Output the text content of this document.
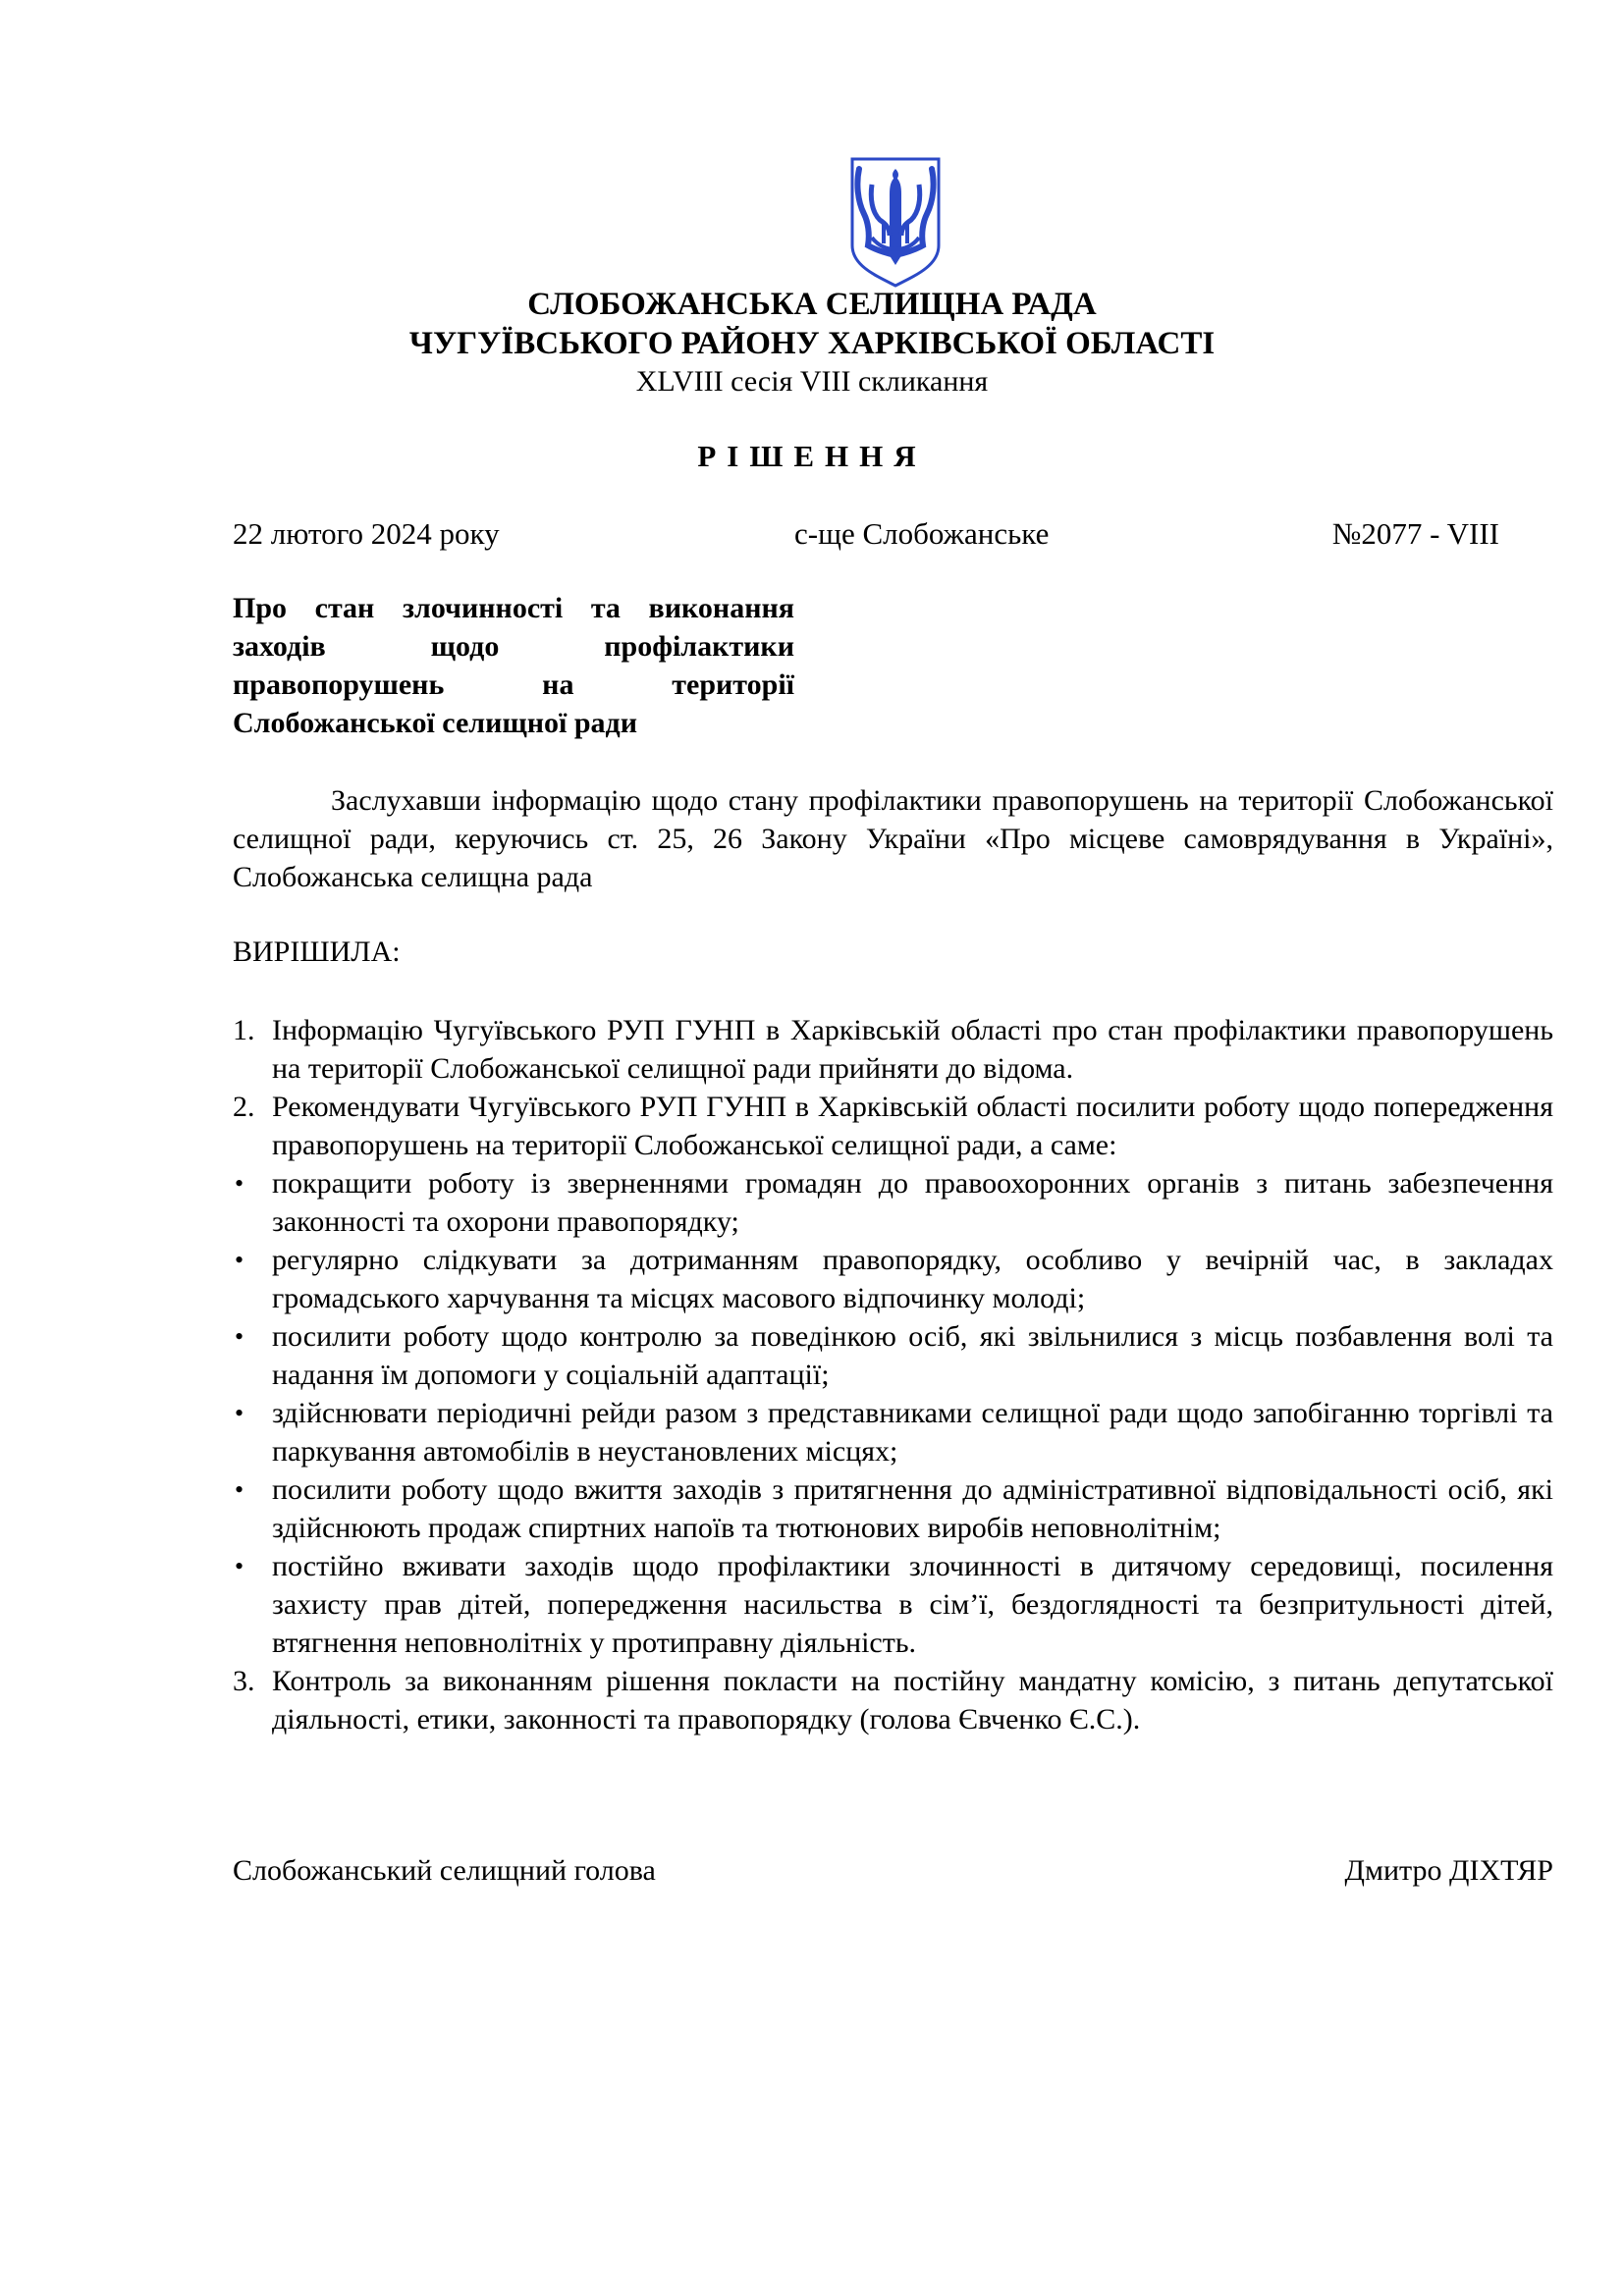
СЛОБОЖАНСЬКА СЕЛИЩНА РАДА
ЧУГУЇВСЬКОГО РАЙОНУ ХАРКІВСЬКОЇ ОБЛАСТІ
XLVIII сесія VIII скликання
РІШЕННЯ
22 лютого 2024 року	с-ще Слобожанське	№2077 - VIII
Про стан злочинності та виконання
заходів щодо профілактики
правопорушень на території
Слобожанської селищної ради
Заслухавши інформацію щодо стану профілактики правопорушень на території Слобожанської селищної ради, керуючись ст. 25, 26 Закону України «Про місцеве самоврядування в Україні», Слобожанська селищна рада
ВИРІШИЛА:
1. Інформацію Чугуївського РУП ГУНП в Харківській області про стан профілактики правопорушень на території Слобожанської селищної ради прийняти до відома.
2. Рекомендувати Чугуївського РУП ГУНП в Харківській області посилити роботу щодо попередження правопорушень на території Слобожанської селищної ради, а саме:
• покращити роботу із зверненнями громадян до правоохоронних органів з питань забезпечення законності та охорони правопорядку;
• регулярно слідкувати за дотриманням правопорядку, особливо у вечірній час, в закладах громадського харчування та місцях масового відпочинку молоді;
• посилити роботу щодо контролю за поведінкою осіб, які звільнилися з місць позбавлення волі та надання їм допомоги у соціальній адаптації;
• здійснювати періодичні рейди разом з представниками селищної ради щодо запобіганню торгівлі та паркування автомобілів в неустановлених місцях;
• посилити роботу щодо вжиття заходів з притягнення до адміністративної відповідальності осіб, які здійснюють продаж спиртних напоїв та тютюнових виробів неповнолітнім;
• постійно вживати заходів щодо профілактики злочинності в дитячому середовищі, посилення захисту прав дітей, попередження насильства в сім’ї, бездоглядності та безпритульності дітей, втягнення неповнолітніх у протиправну діяльність.
3. Контроль за виконанням рішення покласти на постійну мандатну комісію, з питань депутатської діяльності, етики, законності та правопорядку (голова Євченко Є.С.).
Слобожанський селищний голова	Дмитро ДІХТЯР
